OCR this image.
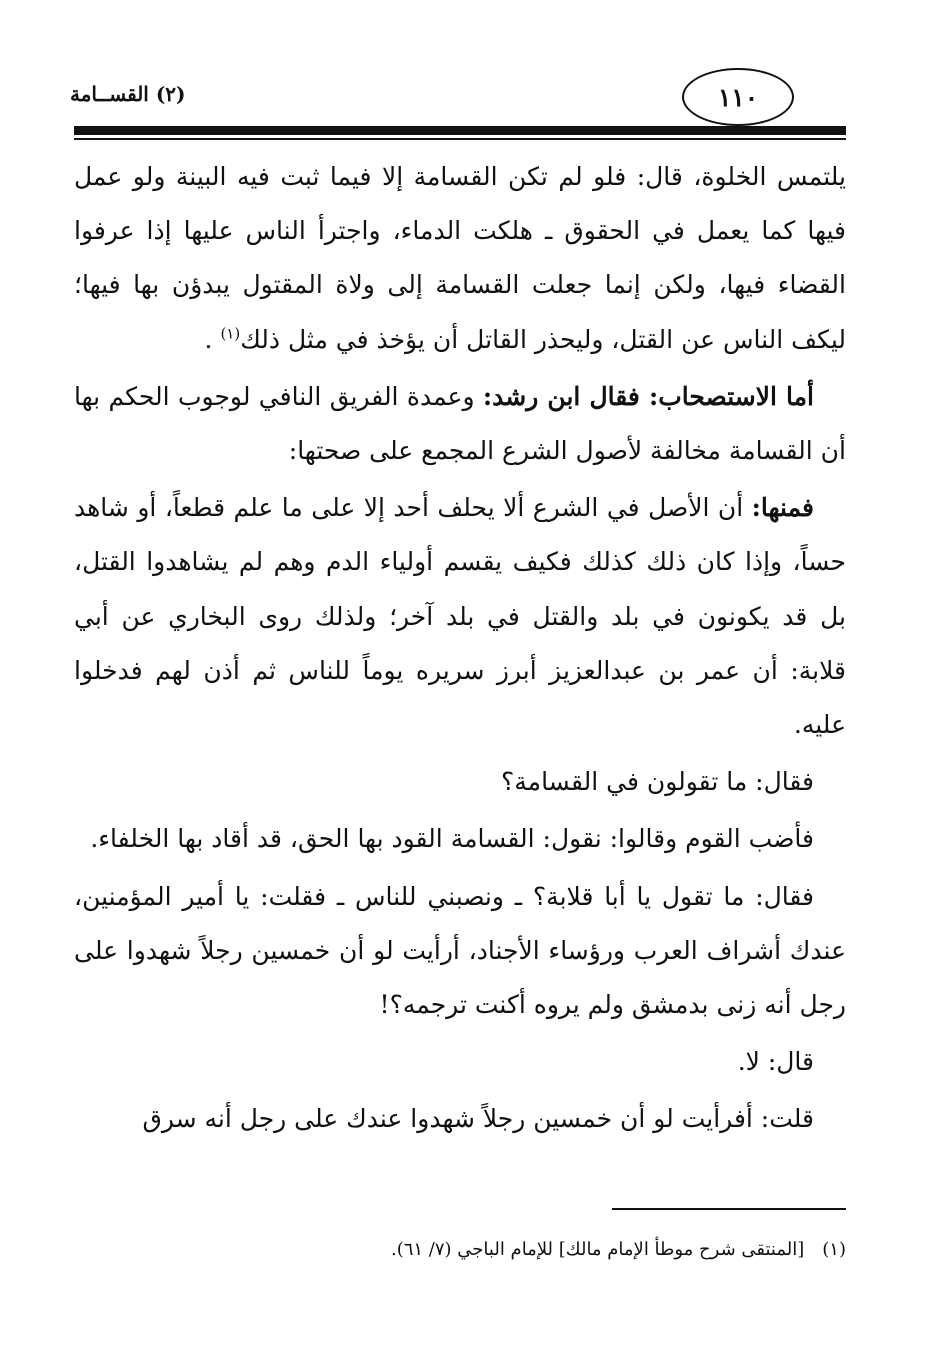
١١٠
(٢) القســامة

يلتمس الخلوة، قال: فلو لم تكن القسامة إلا فيما ثبت فيه البينة ولو عمل فيها كما يعمل في الحقوق ـ هلكت الدماء، واجترأ الناس عليها إذا عرفوا القضاء فيها، ولكن إنما جعلت القسامة إلى ولاة المقتول يبدؤن بها فيها؛ ليكف الناس عن القتل، وليحذر القاتل أن يؤخذ في مثل ذلك$^{(١)}$ .

أما الاستصحاب: فقال ابن رشد: وعمدة الفريق النافي لوجوب الحكم بها أن القسامة مخالفة لأصول الشرع المجمع على صحتها:

فمنها: أن الأصل في الشرع ألا يحلف أحد إلا على ما علم قطعاً، أو شاهد حساً، وإذا كان ذلك كذلك فكيف يقسم أولياء الدم وهم لم يشاهدوا القتل، بل قد يكونون في بلد والقتل في بلد آخر؛ ولذلك روى البخاري عن أبي قلابة: أن عمر بن عبدالعزيز أبرز سريره يوماً للناس ثم أذن لهم فدخلوا عليه.

فقال: ما تقولون في القسامة؟

فأضب القوم وقالوا: نقول: القسامة القود بها الحق، قد أقاد بها الخلفاء.

فقال: ما تقول يا أبا قلابة؟ ـ ونصبني للناس ـ فقلت: يا أمير المؤمنين، عندك أشراف العرب ورؤساء الأجناد، أرأيت لو أن خمسين رجلاً شهدوا على رجل أنه زنى بدمشق ولم يروه أكنت ترجمه؟!

قال: لا.

قلت: أفرأيت لو أن خمسين رجلاً شهدوا عندك على رجل أنه سرق

(١)[المنتقى شرح موطأ الإمام مالك] للإمام الباجي (٧/ ٦١).
